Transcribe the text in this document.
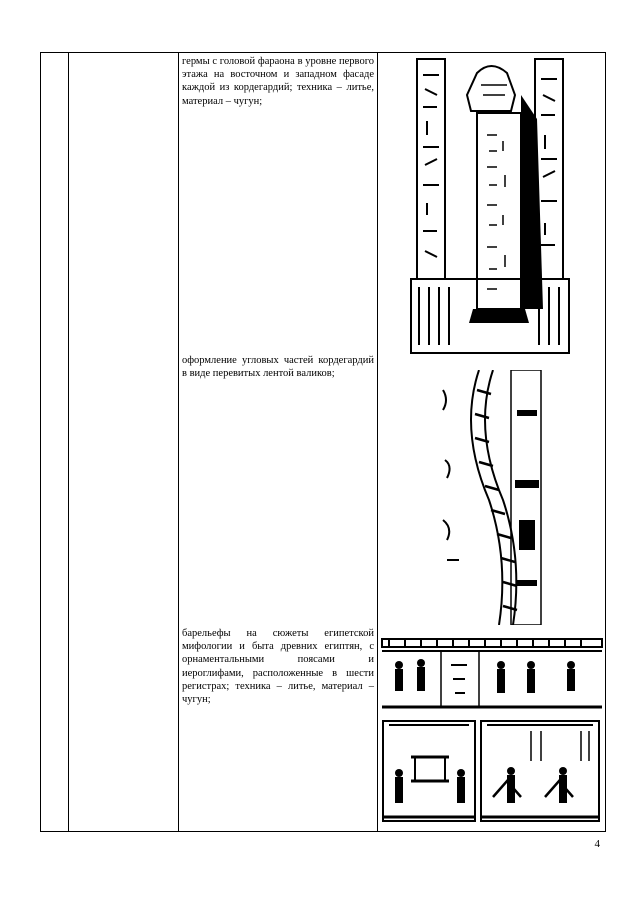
гермы с головой фараона в уровне первого этажа на восточном и западном фасаде каждой из кордегардий; техника – литье, материал – чугун;
оформление угловых частей кордегардий в виде перевитых лентой валиков;
барельефы на сюжеты египетской мифологии и быта древних египтян, с орнаментальными поясами и иероглифами, расположенные в шести регистрах; техника – литье, материал – чугун;
4
